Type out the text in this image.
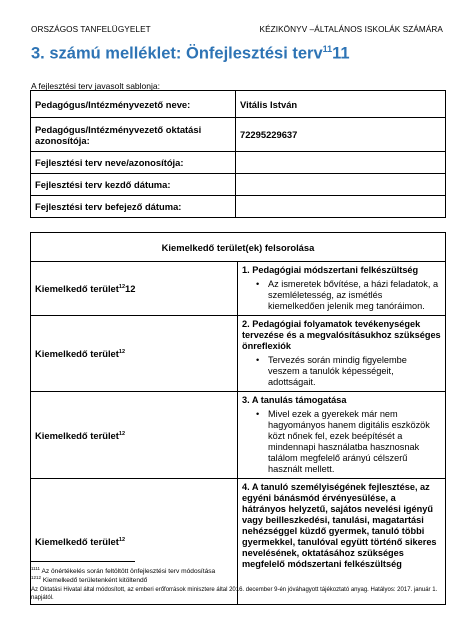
ORSZÁGOS TANFELÜGYELET	KÉZIKÖNYV –ÁLTALÁNOS ISKOLÁK SZÁMÁRA
3. számú melléklet: Önfejlesztési terv$^{11}$11
A fejlesztési terv javasolt sablonja:
Pedagógus/Intézményvezető neve:	Vitális István
Pedagógus/Intézményvezető oktatási azonosítója:	72295229637
Fejlesztési terv neve/azonosítója:	
Fejlesztési terv kezdő dátuma:	
Fejlesztési terv befejező dátuma:	
Kiemelkedő terület(ek) felsorolása	
Kiemelkedő terület$^{12}$12	1. Pedagógiai módszertani felkészültség
• Az ismeretek bővítése, a házi feladatok, a szemléletesség, az ismétlés kiemelkedően jelenik meg tanóráimon.

Kiemelkedő terület$^{12}$	2. Pedagógiai folyamatok tevékenységek tervezése és a megvalósításukhoz szükséges önreflexiók
• Tervezés során mindig figyelembe veszem a tanulók képességeit, adottságait.

Kiemelkedő terület$^{12}$	3. A tanulás támogatása
• Mivel ezek a gyerekek már nem hagyományos hanem digitális eszközök közt nőnek fel, ezek beépítését a mindennapi használatba hasznosnak találom megfelelő arányú célszerű használt mellett.

Kiemelkedő terület$^{12}$	4. A tanuló személyiségének fejlesztése, az egyéni bánásmód érvényesülése, a hátrányos helyzetű, sajátos nevelési igényű vagy beilleszkedési, tanulási, magatartási nehézséggel küzdő gyermek, tanuló többi gyermekkel, tanulóval együtt történő sikeres nevelésének, oktatásához szükséges megfelelő módszertani felkészültség
$^{1111}$ Az önértékelés során feltöltött önfejlesztési terv módosítása
$^{1212}$ Kiemelkedő területenként kitöltendő
Az Oktatási Hivatal által módosított, az emberi erőforrások minisztere által 2016. december 9-én jóváhagyott tájékoztató anyag. Hatályos: 2017. január 1. napjától.
